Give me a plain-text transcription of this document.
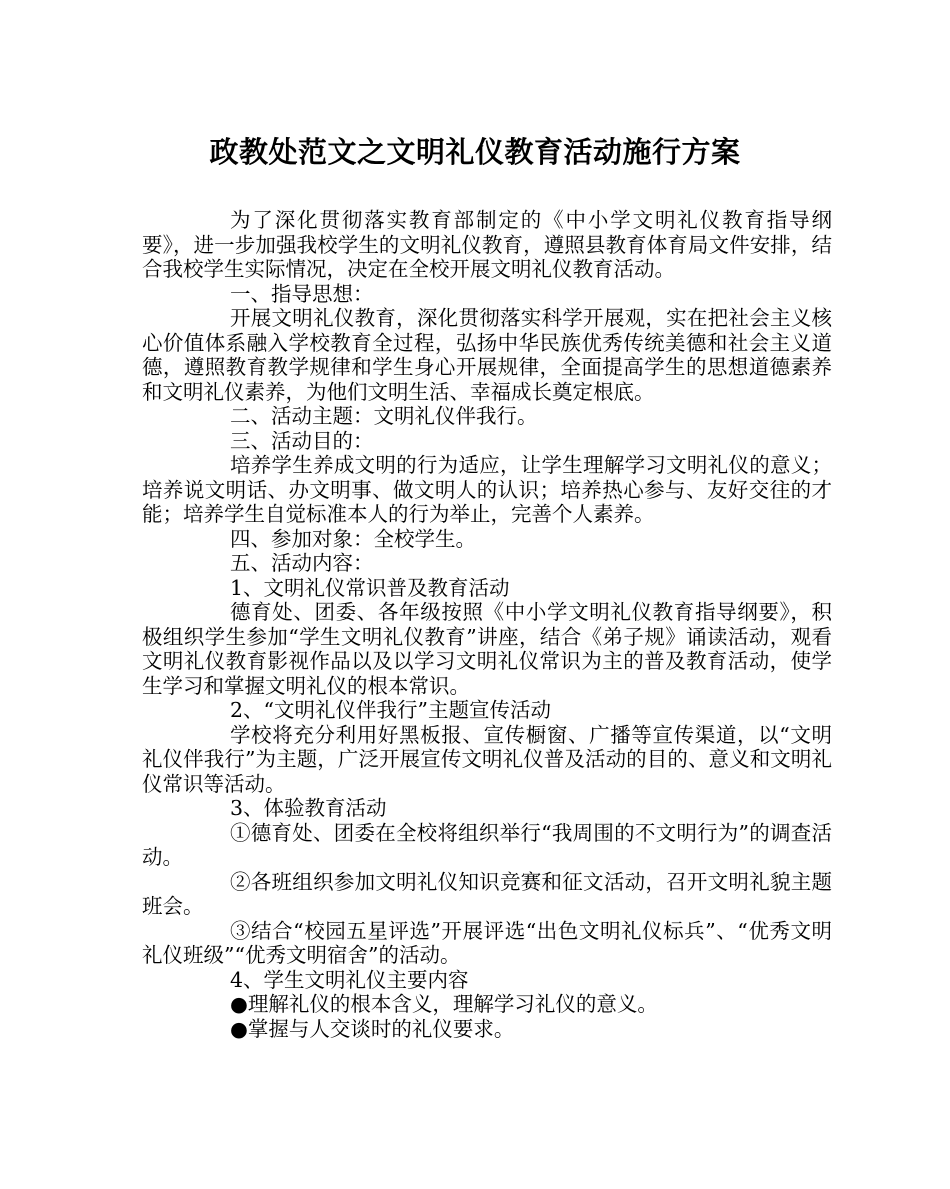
政教处范文之文明礼仪教育活动施行方案

为了深化贯彻落实教育部制定的《中小学文明礼仪教育指导纲要》，进一步加强我校学生的文明礼仪教育，遵照县教育体育局文件安排，结合我校学生实际情况，决定在全校开展文明礼仪教育活动。

一、指导思想：

开展文明礼仪教育，深化贯彻落实科学开展观，实在把社会主义核心价值体系融入学校教育全过程，弘扬中华民族优秀传统美德和社会主义道德，遵照教育教学规律和学生身心开展规律，全面提高学生的思想道德素养和文明礼仪素养，为他们文明生活、幸福成长奠定根底。

二、活动主题：文明礼仪伴我行。

三、活动目的：

培养学生养成文明的行为适应，让学生理解学习文明礼仪的意义；培养说文明话、办文明事、做文明人的认识；培养热心参与、友好交往的才能；培养学生自觉标准本人的行为举止，完善个人素养。

四、参加对象：全校学生。

五、活动内容：

1、文明礼仪常识普及教育活动

德育处、团委、各年级按照《中小学文明礼仪教育指导纲要》，积极组织学生参加“学生文明礼仪教育”讲座，结合《弟子规》诵读活动，观看文明礼仪教育影视作品以及以学习文明礼仪常识为主的普及教育活动，使学生学习和掌握文明礼仪的根本常识。

2、“文明礼仪伴我行”主题宣传活动

学校将充分利用好黑板报、宣传橱窗、广播等宣传渠道，以“文明礼仪伴我行”为主题，广泛开展宣传文明礼仪普及活动的目的、意义和文明礼仪常识等活动。

3、体验教育活动

①德育处、团委在全校将组织举行“我周围的不文明行为”的调查活动。

②各班组织参加文明礼仪知识竞赛和征文活动，召开文明礼貌主题班会。

③结合“校园五星评选”开展评选“出色文明礼仪标兵”、“优秀文明礼仪班级”“优秀文明宿舍”的活动。

4、学生文明礼仪主要内容

●理解礼仪的根本含义，理解学习礼仪的意义。

●掌握与人交谈时的礼仪要求。
